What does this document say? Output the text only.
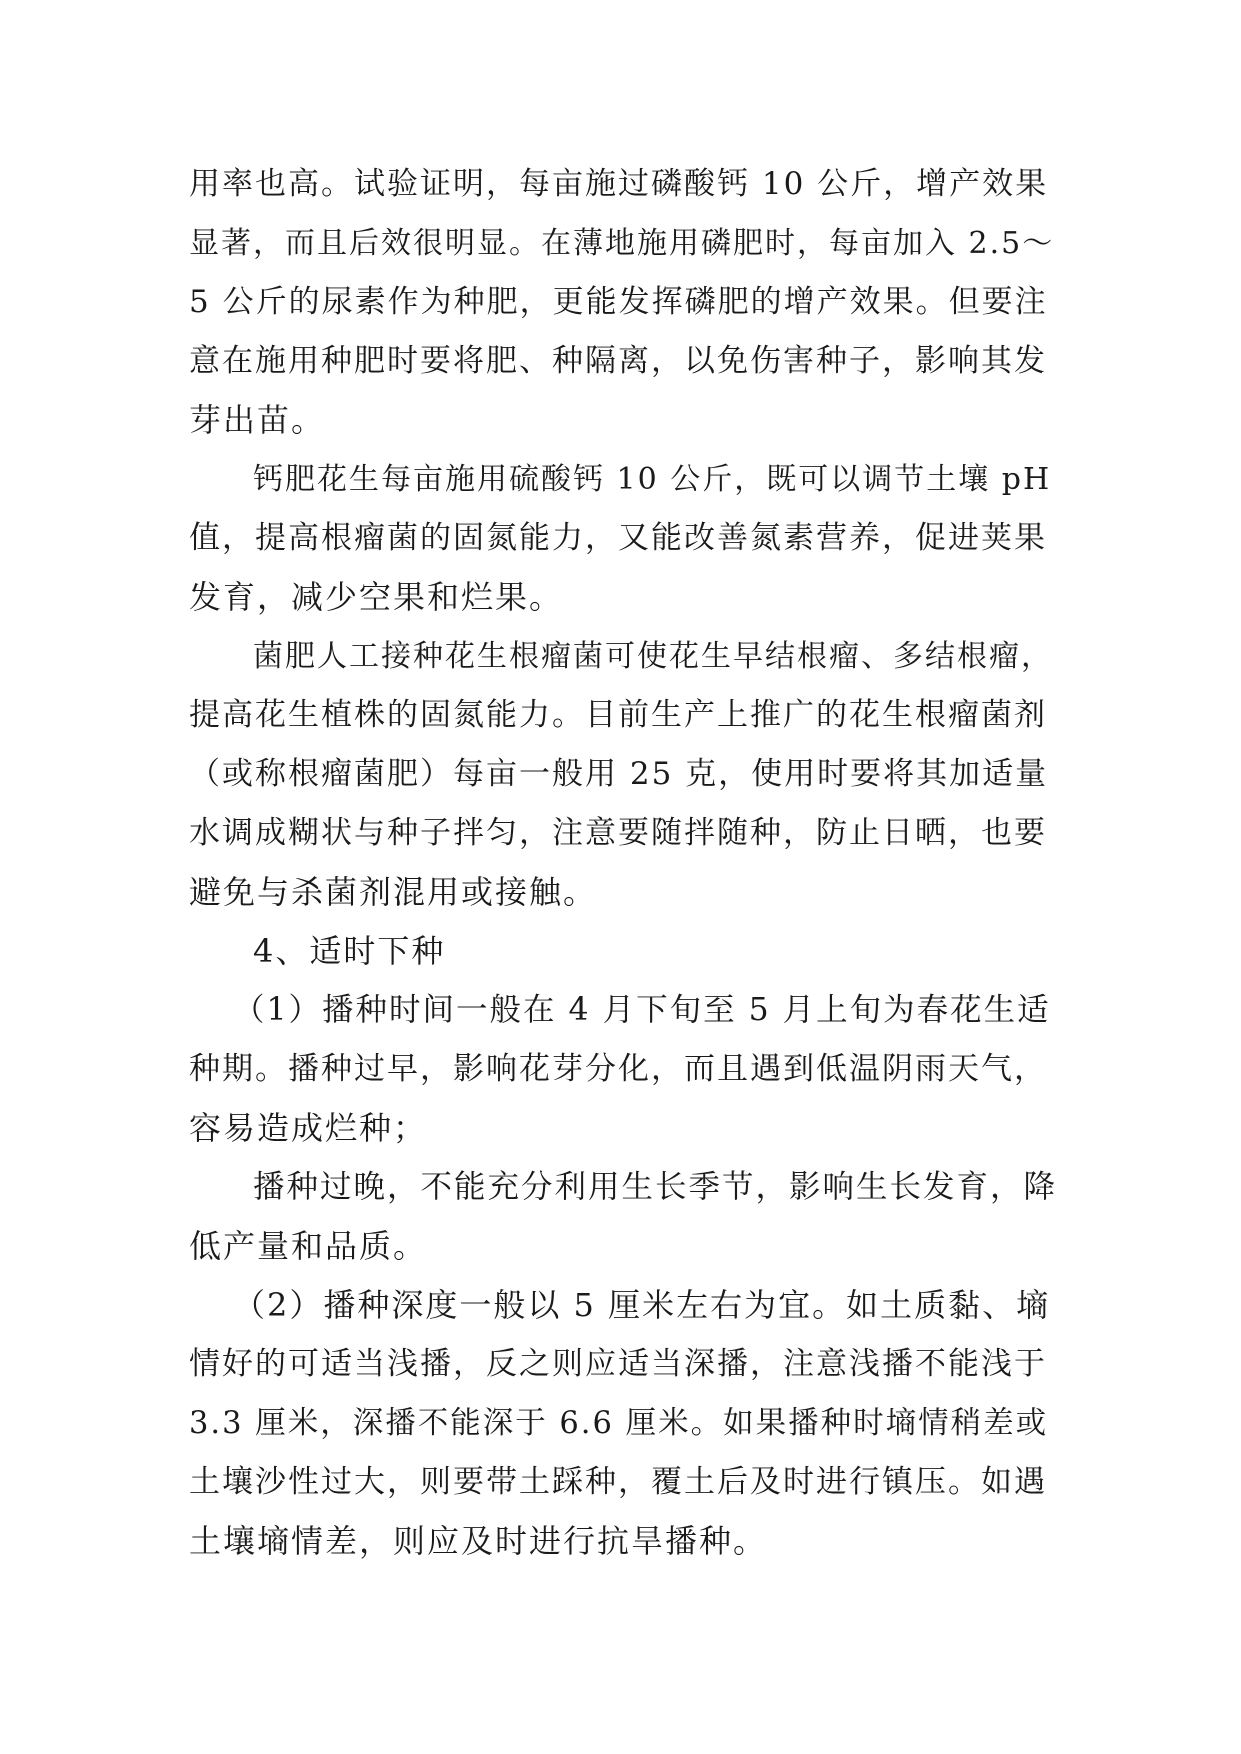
用率也高。试验证明，每亩施过磷酸钙 10 公斤，增产效果
显著，而且后效很明显。在薄地施用磷肥时，每亩加入 2.5～
5 公斤的尿素作为种肥，更能发挥磷肥的增产效果。但要注
意在施用种肥时要将肥、种隔离，以免伤害种子，影响其发
芽出苗。
钙肥花生每亩施用硫酸钙 10 公斤，既可以调节土壤 pH
值，提高根瘤菌的固氮能力，又能改善氮素营养，促进荚果
发育，减少空果和烂果。
菌肥人工接种花生根瘤菌可使花生早结根瘤、多结根瘤，
提高花生植株的固氮能力。目前生产上推广的花生根瘤菌剂
（或称根瘤菌肥）每亩一般用 25 克，使用时要将其加适量
水调成糊状与种子拌匀，注意要随拌随种，防止日晒，也要
避免与杀菌剂混用或接触。
4、适时下种
（1）播种时间一般在 4 月下旬至 5 月上旬为春花生适
种期。播种过早，影响花芽分化，而且遇到低温阴雨天气，
容易造成烂种；
播种过晚，不能充分利用生长季节，影响生长发育，降
低产量和品质。
（2）播种深度一般以 5 厘米左右为宜。如土质黏、墒
情好的可适当浅播，反之则应适当深播，注意浅播不能浅于
3.3 厘米，深播不能深于 6.6 厘米。如果播种时墒情稍差或
土壤沙性过大，则要带土踩种，覆土后及时进行镇压。如遇
土壤墒情差，则应及时进行抗旱播种。
